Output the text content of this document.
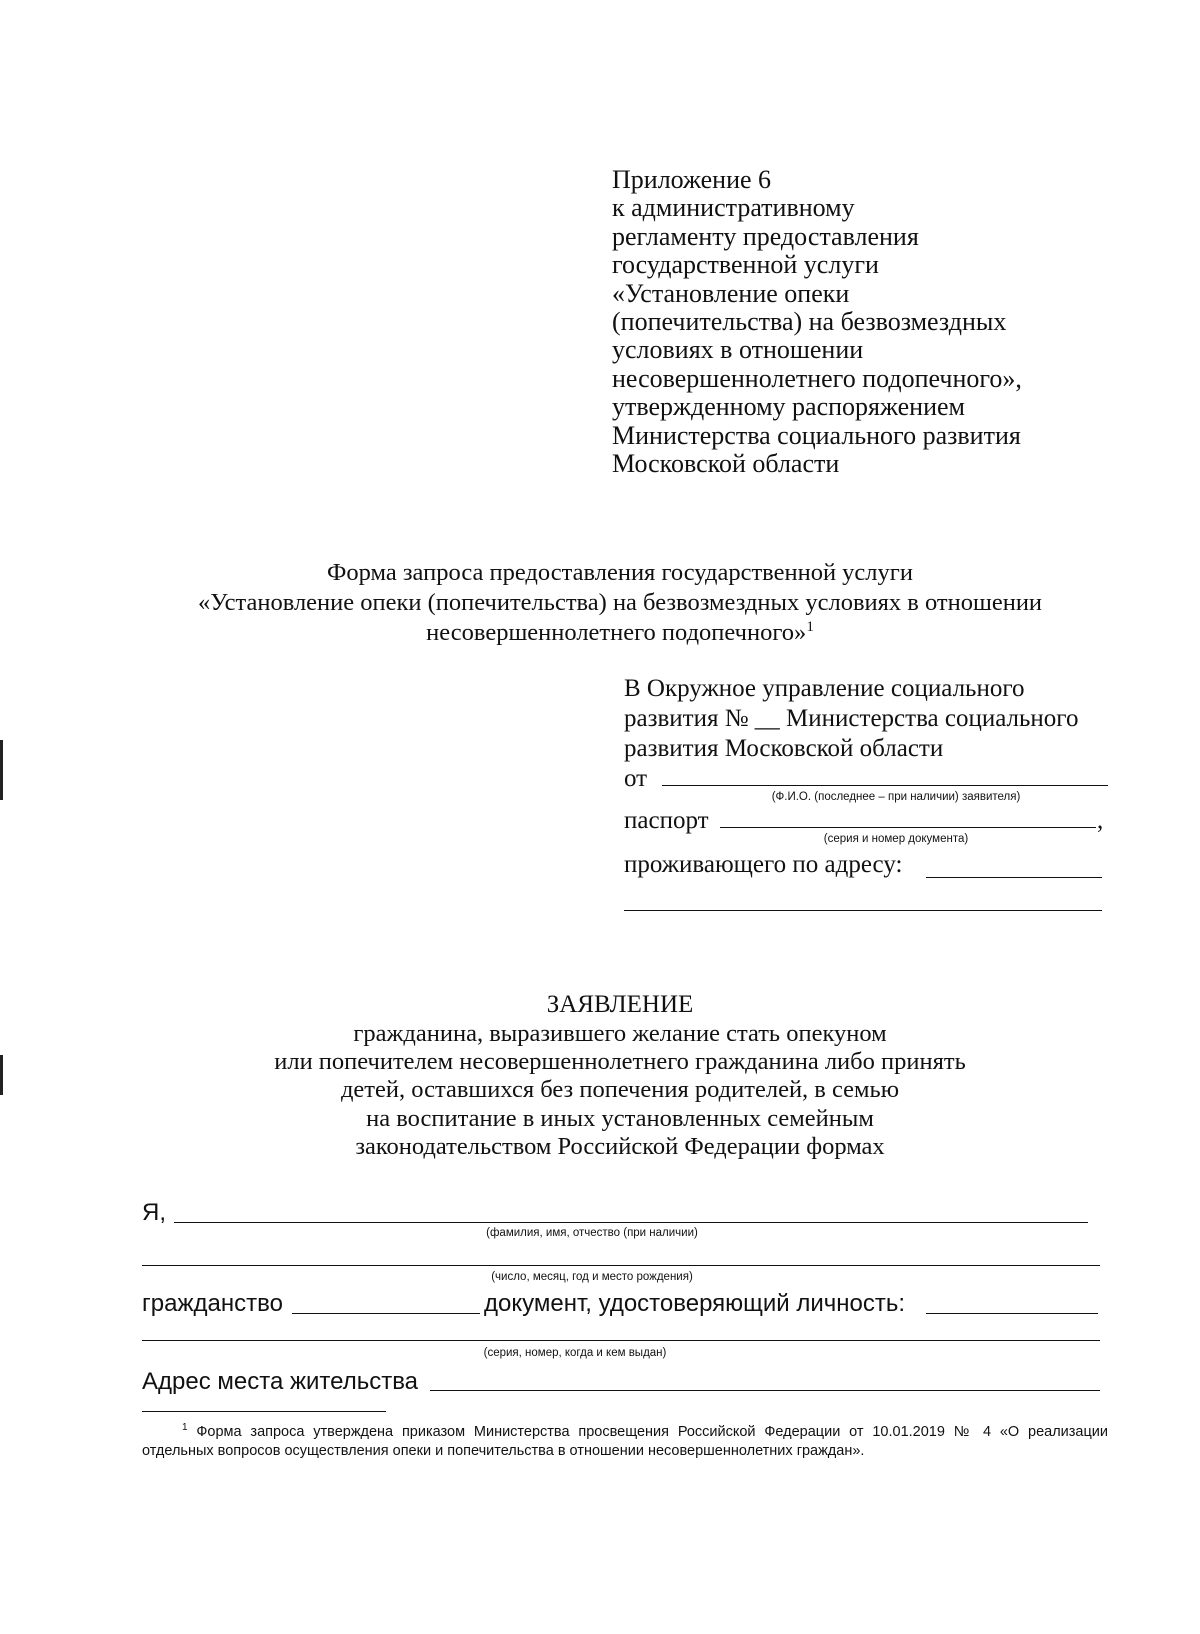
Приложение 6
к административному
регламенту предоставления
государственной услуги
«Установление опеки
(попечительства) на безвозмездных
условиях в отношении
несовершеннолетнего подопечного»,
утвержденному распоряжением
Министерства социального развития
Московской области
Форма запроса предоставления государственной услуги
«Установление опеки (попечительства) на безвозмездных условиях в отношении
несовершеннолетнего подопечного»$^1$
В Окружное управление социального
развития № __ Министерства социального
развития Московской области
от
(Ф.И.О. (последнее – при наличии) заявителя)
паспорт	,
(серия и номер документа)
проживающего по адресу:
ЗАЯВЛЕНИЕ
гражданина, выразившего желание стать опекуном
или попечителем несовершеннолетнего гражданина либо принять
детей, оставшихся без попечения родителей, в семью
на воспитание в иных установленных семейным
законодательством Российской Федерации формах
Я,
(фамилия, имя, отчество (при наличии)
(число, месяц, год и место рождения)
гражданство	документ, удостоверяющий личность:
(серия, номер, когда и кем выдан)
Адрес места жительства
$^1$ Форма запроса утверждена приказом Министерства просвещения Российской Федерации от 10.01.2019 № 4 «О реализации отдельных вопросов осуществления опеки и попечительства в отношении несовершеннолетних граждан».
